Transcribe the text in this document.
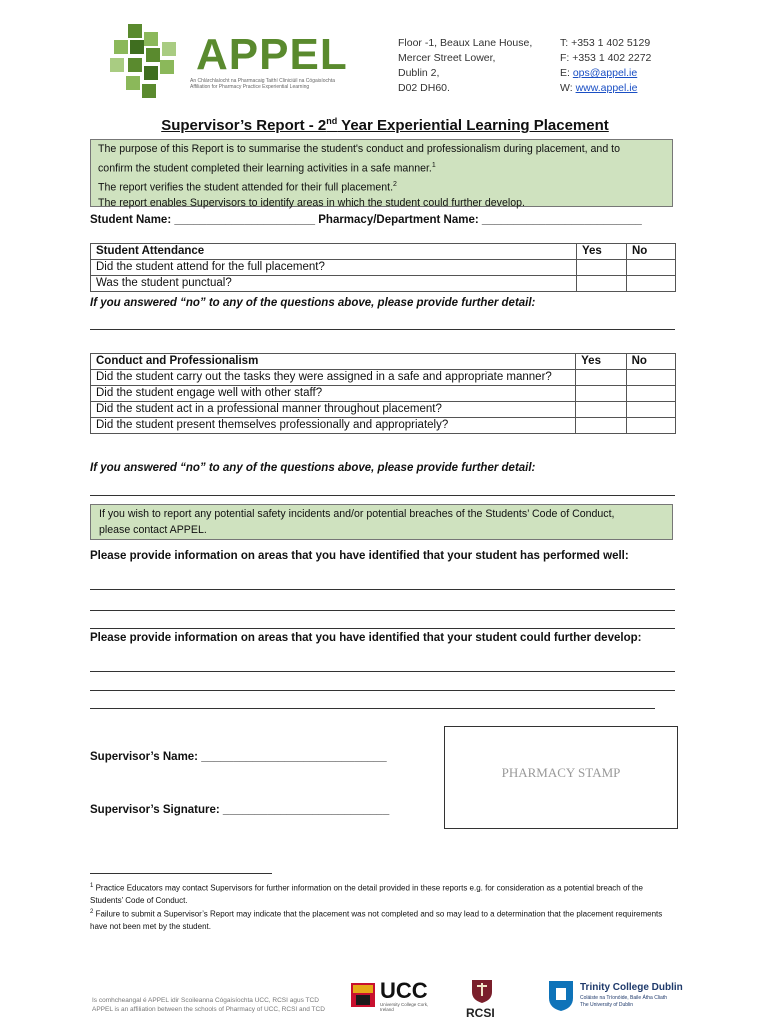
APPEL
An Chlárchlaíocht na Pharmacaig Taithí Cliniciúil na Cógaisíochta
Affiliation for Pharmacy Practice Experiential Learning
Floor -1, Beaux Lane House,
Mercer Street Lower,
Dublin 2,
D02 DH60.
T: +353 1 402 5129
F: +353 1 402 2272
E: ops@appel.ie
W: www.appel.ie
Supervisor’s Report - 2nd Year Experiential Learning Placement
The purpose of this Report is to summarise the student's conduct and professionalism during placement, and to
confirm the student completed their learning activities in a safe manner.$^1$
The report verifies the student attended for their full placement.$^2$
The report enables Supervisors to identify areas in which the student could further develop.
Student Name: ______________________ Pharmacy/Department Name: _________________________
Student Attendance	Yes	No
Did the student attend for the full placement?		
Was the student punctual?		
If you answered “no” to any of the questions above, please provide further detail:
Conduct and Professionalism	Yes	No
Did the student carry out the tasks they were assigned in a safe and appropriate manner?		
Did the student engage well with other staff?		
Did the student act in a professional manner throughout placement?		
Did the student present themselves professionally and appropriately?		
If you answered “no” to any of the questions above, please provide further detail:
If you wish to report any potential safety incidents and/or potential breaches of the Students’ Code of Conduct,
please contact APPEL.
Please provide information on areas that you have identified that your student has performed well:
Please provide information on areas that you have identified that your student could further develop:
Supervisor’s Name: _____________________________
Supervisor’s Signature: __________________________
PHARMACY STAMP
$^1$ Practice Educators may contact Supervisors for further information on the detail provided in these reports e.g. for consideration as a potential breach of the Students’ Code of Conduct.
$^2$ Failure to submit a Supervisor’s Report may indicate that the placement was not completed and so may lead to a determination that the placement requirements have not been met by the student.
Is comhcheangal é APPEL idir Scoileanna Cógaisíochta UCC, RCSI agus TCD
APPEL is an affiliation between the schools of Pharmacy of UCC, RCSI and TCD
UCC
University College Cork, Ireland	RCSI
Trinity College Dublin
Coláiste na Tríonóide, Baile Átha Cliath
The University of Dublin
